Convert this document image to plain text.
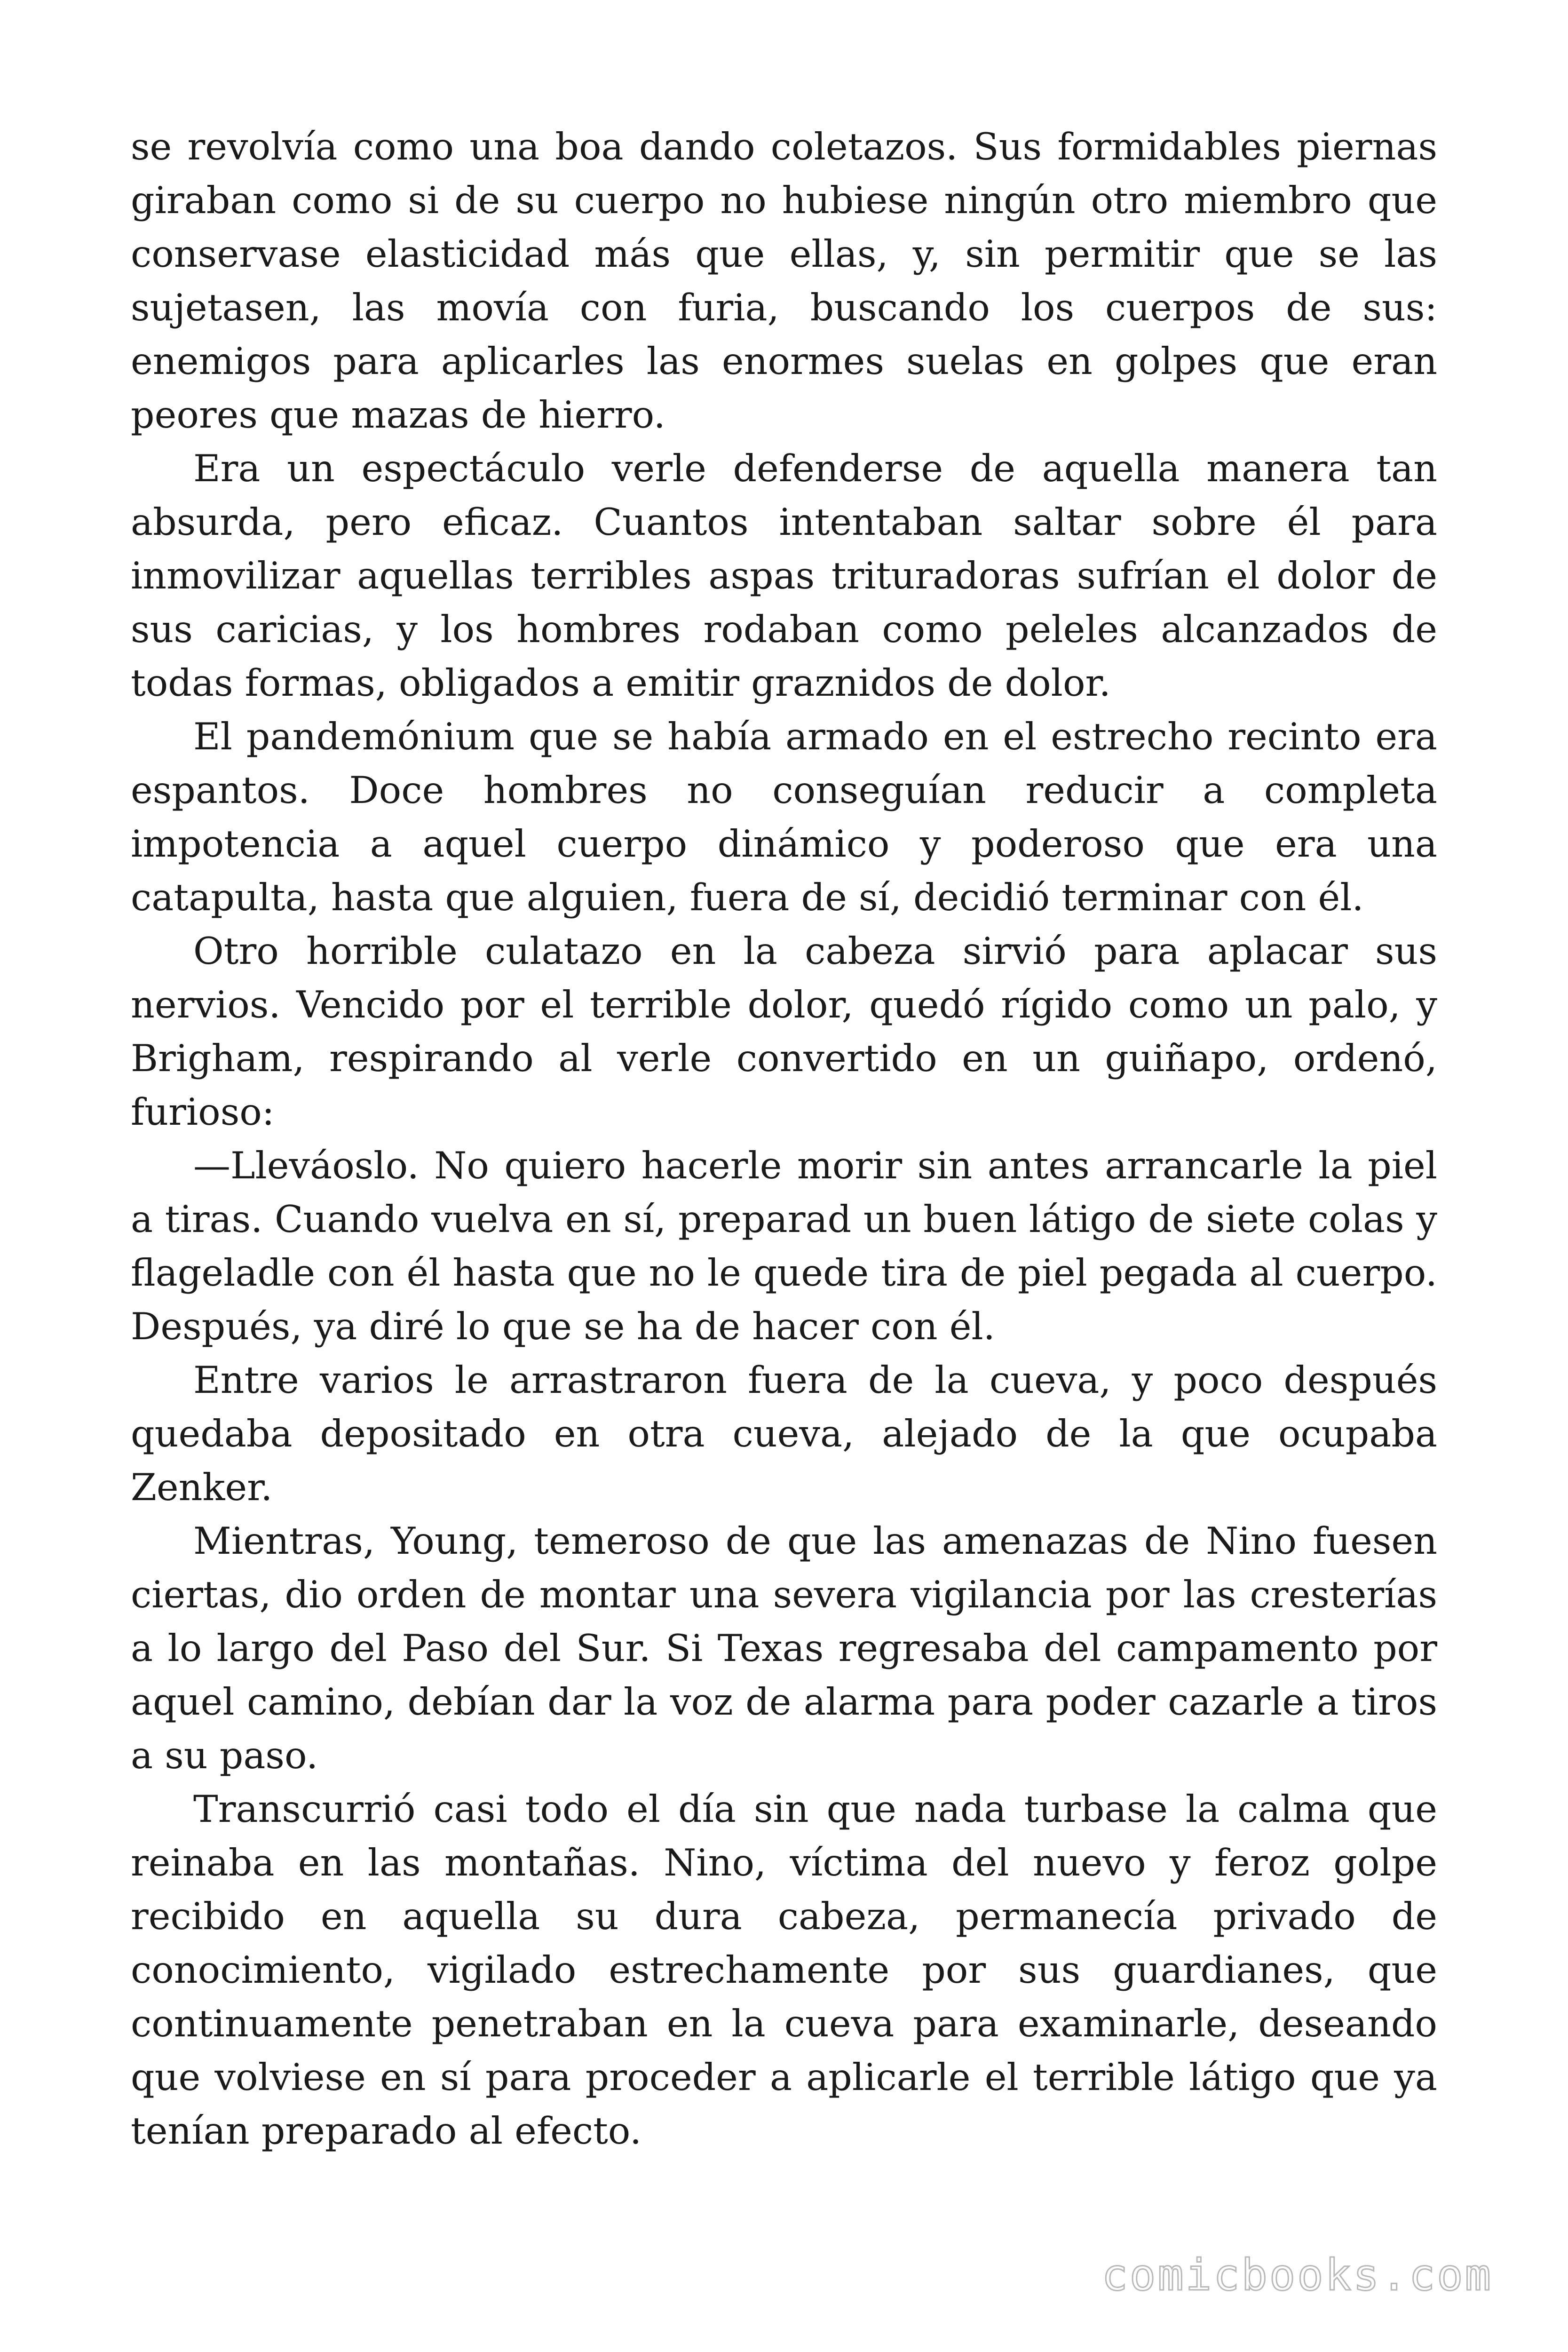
se revolvía como una boa dando coletazos. Sus formidables piernas giraban como si de su cuerpo no hubiese ningún otro miembro que conservase elasticidad más que ellas, y, sin permitir que se las sujetasen, las movía con furia, buscando los cuerpos de sus: enemigos para aplicarles las enormes suelas en golpes que eran peores que mazas de hierro.

Era un espectáculo verle defenderse de aquella manera tan absurda, pero eficaz. Cuantos intentaban saltar sobre él para inmovilizar aquellas terribles aspas trituradoras sufrían el dolor de sus caricias, y los hombres rodaban como peleles alcanzados de todas formas, obligados a emitir graznidos de dolor.

El pandemónium que se había armado en el estrecho recinto era espantos. Doce hombres no conseguían reducir a completa impotencia a aquel cuerpo dinámico y poderoso que era una catapulta, hasta que alguien, fuera de sí, decidió terminar con él.

Otro horrible culatazo en la cabeza sirvió para aplacar sus nervios. Vencido por el terrible dolor, quedó rígido como un palo, y Brigham, respirando al verle convertido en un guiñapo, ordenó, furioso:

—Lleváoslo. No quiero hacerle morir sin antes arrancarle la piel a tiras. Cuando vuelva en sí, preparad un buen látigo de siete colas y flageladle con él hasta que no le quede tira de piel pegada al cuerpo. Después, ya diré lo que se ha de hacer con él.

Entre varios le arrastraron fuera de la cueva, y poco después quedaba depositado en otra cueva, alejado de la que ocupaba Zenker.

Mientras, Young, temeroso de que las amenazas de Nino fuesen ciertas, dio orden de montar una severa vigilancia por las cresterías a lo largo del Paso del Sur. Si Texas regresaba del campamento por aquel camino, debían dar la voz de alarma para poder cazarle a tiros a su paso.

Transcurrió casi todo el día sin que nada turbase la calma que reinaba en las montañas. Nino, víctima del nuevo y feroz golpe recibido en aquella su dura cabeza, permanecía privado de conocimiento, vigilado estrechamente por sus guardianes, que continuamente penetraban en la cueva para examinarle, deseando que volviese en sí para proceder a aplicarle el terrible látigo que ya tenían preparado al efecto.

comicbooks.com
